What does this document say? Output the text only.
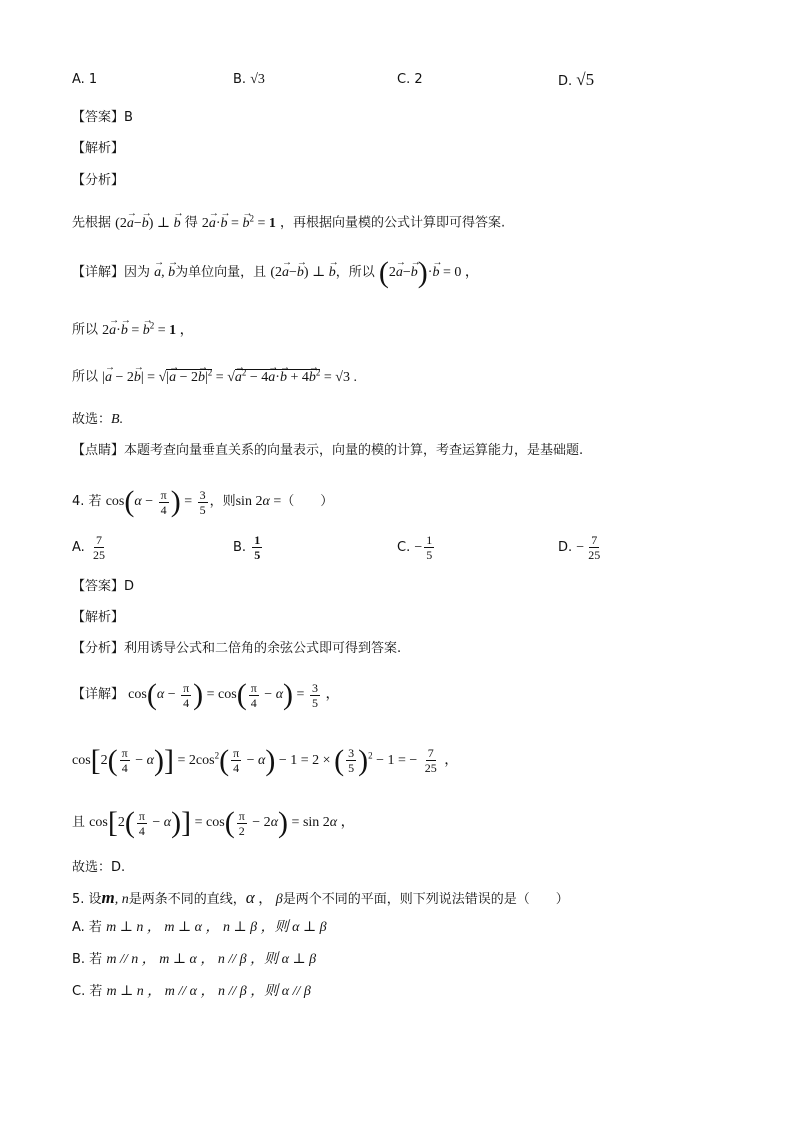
A. 1	B. √3	C. 2	D. √5
【答案】B
【解析】
【分析】
先根据 (2→ a−→ b) ⊥ → b 得 2→ a·→ b = → $b^2 = 1$ ，再根据向量模的公式计算即可得答案.
【详解】因为 → a, → b为单位向量，且 (2→ a−→ b) ⊥ → b，所以 (2→ a−→ b)·→ b = 0 ，
所以 2→ a·→ b = → $b^2 = 1$ ，
所以 |→ a − 2→ b| = √|→ $a - 2\to b|^2$ = √→ $a^2 - 4\to a\cdot\to b + 4\to b^2 = √3$ .
故选：B.
【点睛】本题考查向量垂直关系的向量表示，向量的模的计算，考查运算能力，是基础题.
4. 若 $\cos(\alpha - \frac{\pi}{4}$ ) = $\frac{3}{5}$ ，则sin 2α =（　　）
A. $\frac{7}{25}$	B. $\frac{1}{5}$	C. − $\frac{1}{5}$	D. − $\frac{7}{25}$
【答案】D
【解析】
【分析】利用诱导公式和二倍角的余弦公式即可得到答案.
【详解】 $\cos(\alpha - \frac{\pi}{4}$ ) = $\cos( \frac{\pi}{4} - \alpha) = \frac{3}{5}$ ，
$\cos[2( \frac{\pi}{4} - \alpha)] = 2\cos^2( \frac{\pi}{4} - \alpha) - 1 = 2$ × ( $\frac{3}{5} )^2 - 1$ = − $\frac{7}{25}$ ，
且 $\cos[2( \frac{\pi}{4} - \alpha)] = \cos( \frac{\pi}{2} - 2\alpha) = \sin 2\alpha$ ，
故选：D.
5. 设m, n是两条不同的直线，α ， β是两个不同的平面，则下列说法错误的是（　　）
A. 若 m ⊥ n ， m ⊥ α ， n ⊥ β ，则 α ⊥ β
B. 若 m // n ， m ⊥ α ， n // β ，则 α ⊥ β
C. 若 m ⊥ n ， m // α ， n // β ，则 α // β
